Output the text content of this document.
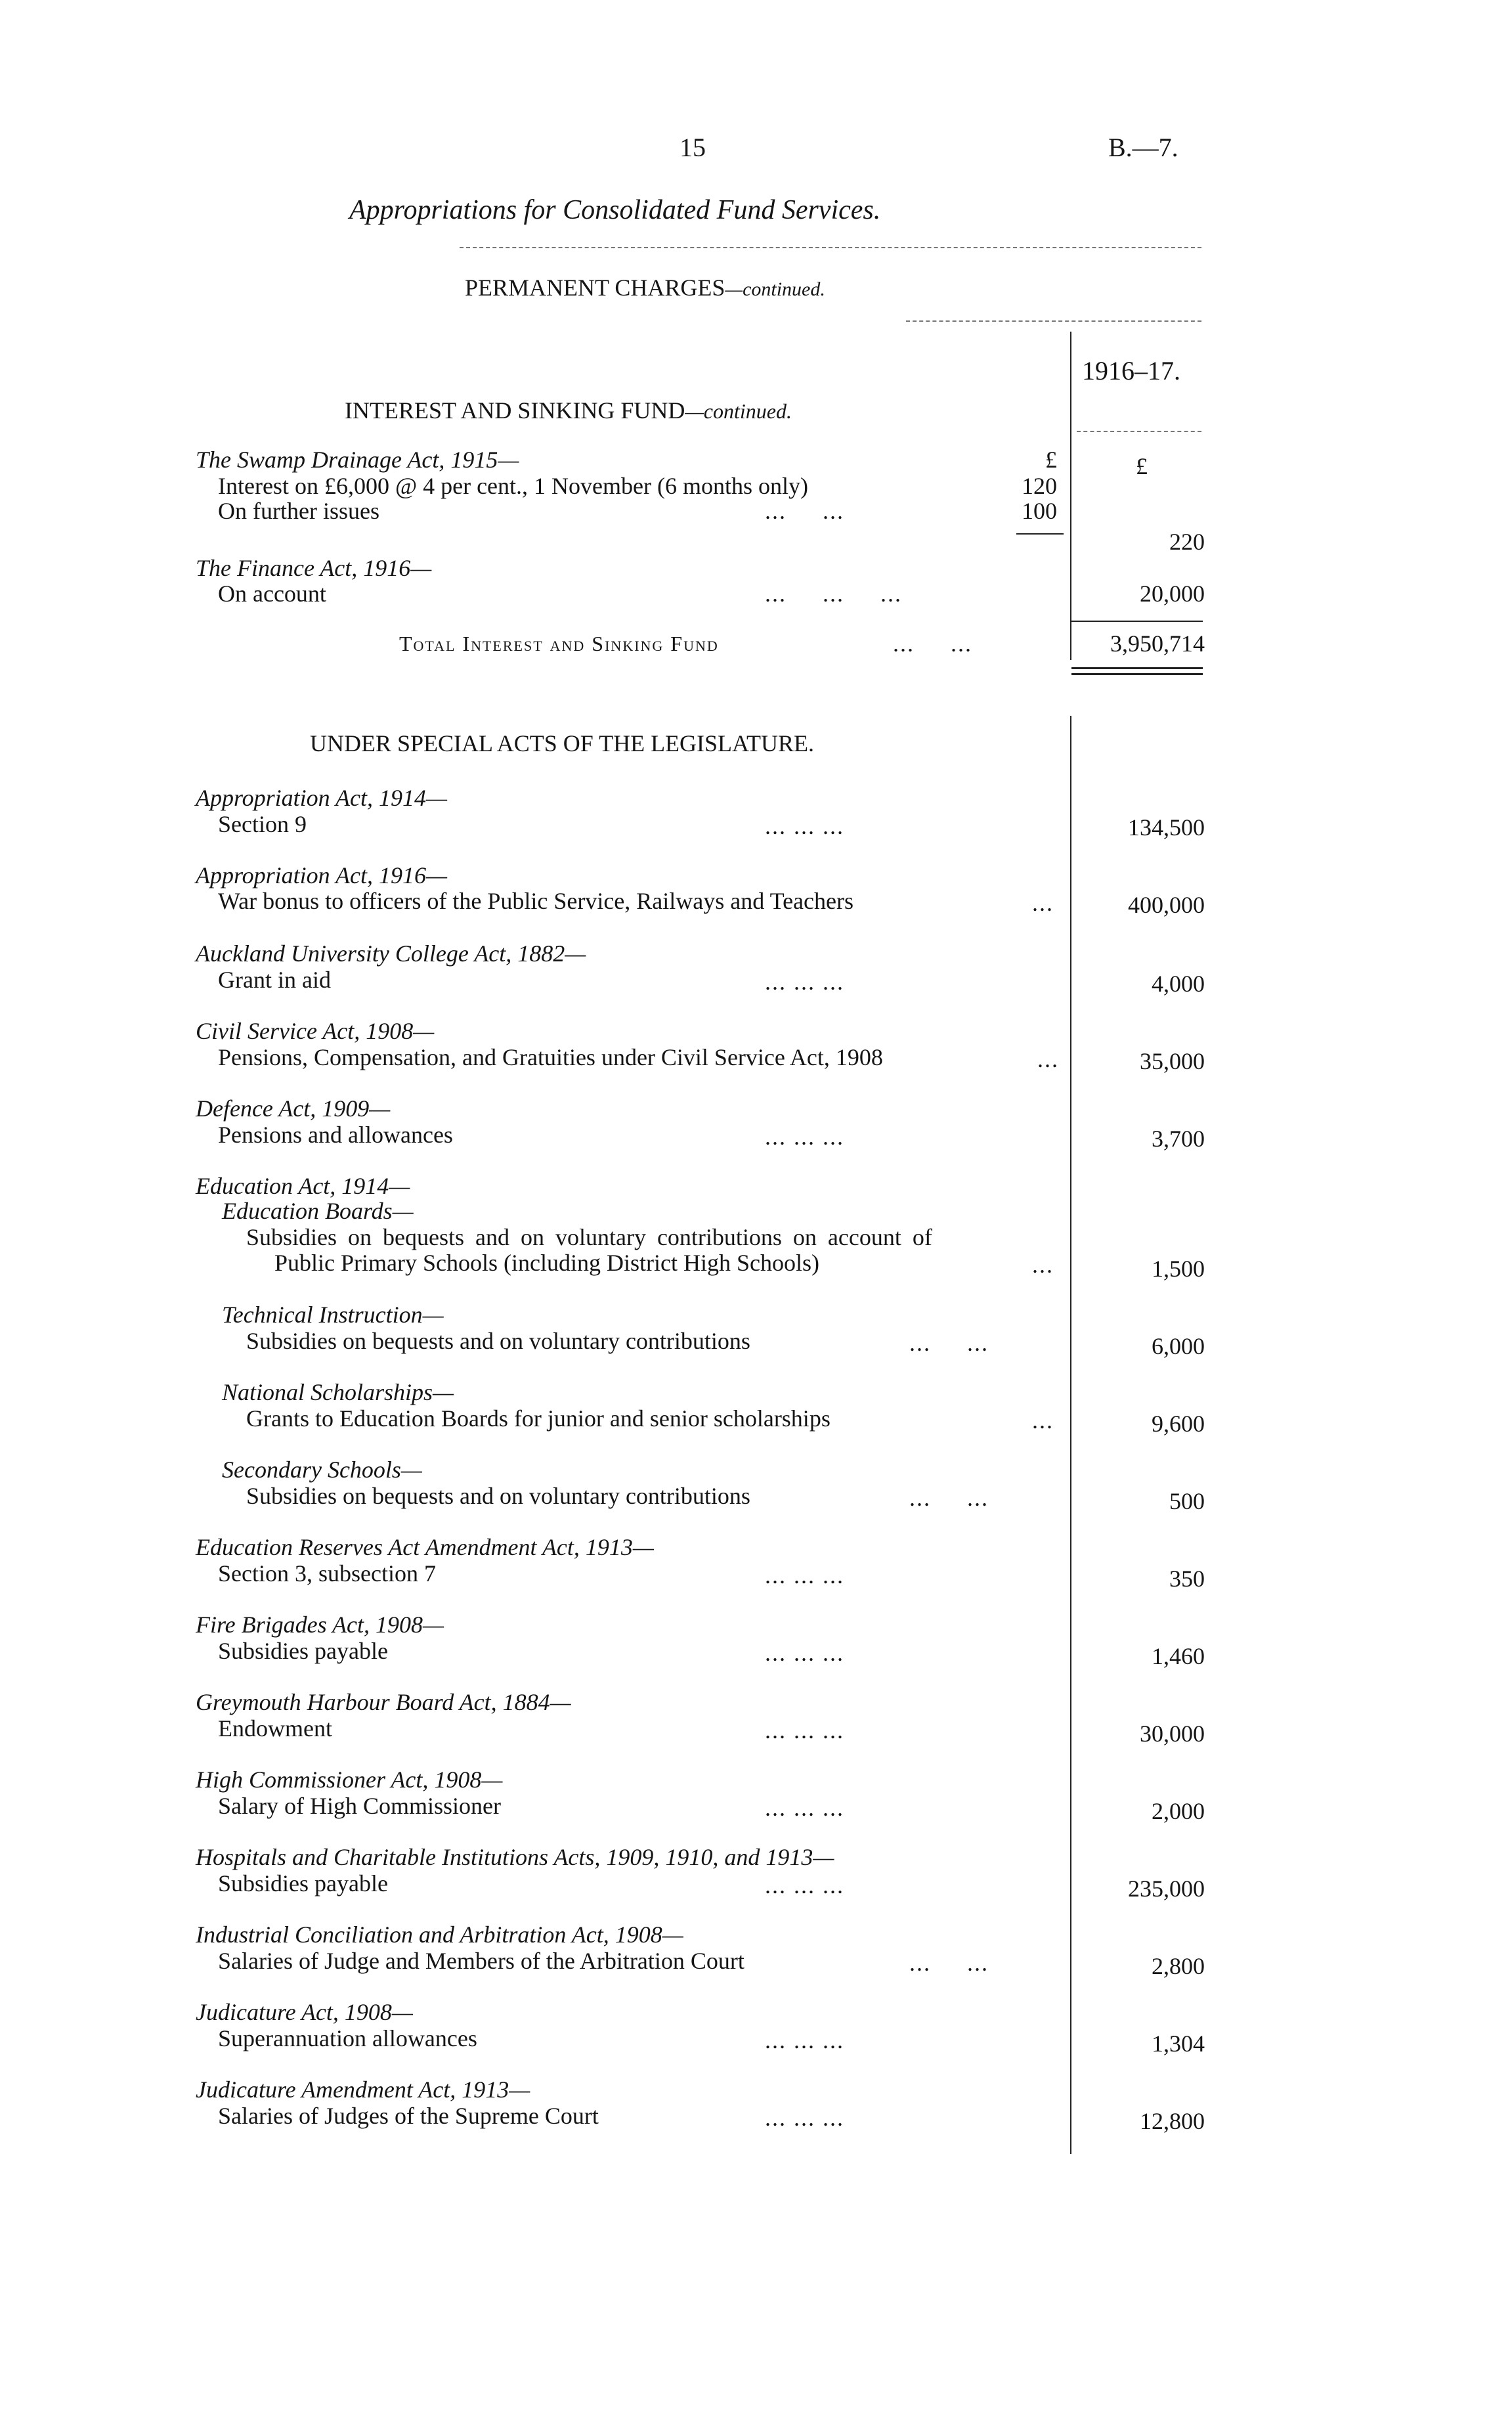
15	B.—7.
Appropriations for Consolidated Fund Services.
PERMANENT CHARGES—continued.
1916–17.
INTEREST AND SINKING FUND—continued.
£	£
The Swamp Drainage Act, 1915—
Interest on £6,000 @ 4 per cent., 1 November (6 months only)	120
On further issues	...     ...	100
220
The Finance Act, 1916—
On account	...     ...     ...	20,000
Total Interest and Sinking Fund	...     ...	3,950,714
UNDER SPECIAL ACTS OF THE LEGISLATURE.
Appropriation Act, 1914—
Section 9	... ... ...	134,500
Appropriation Act, 1916—
War bonus to officers of the Public Service, Railways and Teachers	...	400,000
Auckland University College Act, 1882—
Grant in aid	... ... ...	4,000
Civil Service Act, 1908—
Pensions, Compensation, and Gratuities under Civil Service Act, 1908	...	35,000
Defence Act, 1909—
Pensions and allowances	... ... ...	3,700
Education Act, 1914—
Education Boards—
Subsidies on bequests and on voluntary contributions on account of
Public Primary Schools (including District High Schools)	...	1,500
Technical Instruction—
Subsidies on bequests and on voluntary contributions	...     ...	6,000
National Scholarships—
Grants to Education Boards for junior and senior scholarships	...	9,600
Secondary Schools—
Subsidies on bequests and on voluntary contributions	...     ...	500
Education Reserves Act Amendment Act, 1913—
Section 3, subsection 7	... ... ...	350
Fire Brigades Act, 1908—
Subsidies payable	... ... ...	1,460
Greymouth Harbour Board Act, 1884—
Endowment	... ... ...	30,000
High Commissioner Act, 1908—
Salary of High Commissioner	... ... ...	2,000
Hospitals and Charitable Institutions Acts, 1909, 1910, and 1913—
Subsidies payable	... ... ...	235,000
Industrial Conciliation and Arbitration Act, 1908—
Salaries of Judge and Members of the Arbitration Court	...     ...	2,800
Judicature Act, 1908—
Superannuation allowances	... ... ...	1,304
Judicature Amendment Act, 1913—
Salaries of Judges of the Supreme Court	... ... ...	12,800
